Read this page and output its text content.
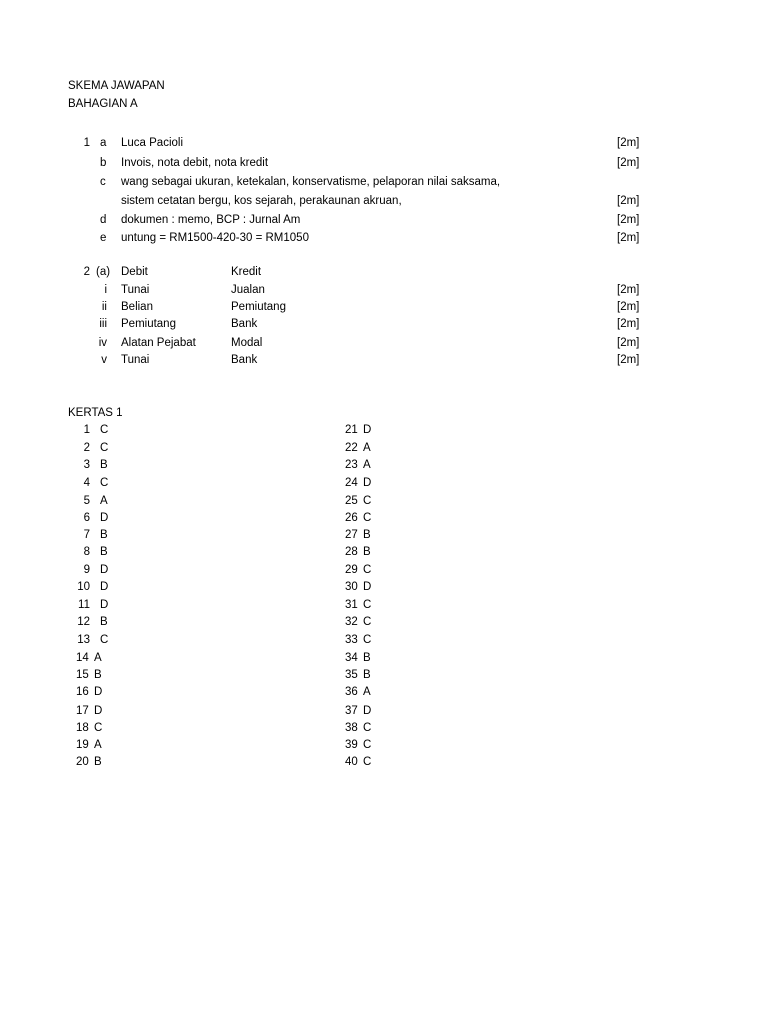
SKEMA JAWAPAN
BAHAGIAN A
1 a Luca Pacioli	[2m]
b Invois, nota debit, nota kredit	[2m]
c wang sebagai ukuran, ketekalan, konservatisme, pelaporan nilai saksama,
sistem cetatan bergu, kos sejarah, perakaunan akruan,	[2m]
d dokumen : memo, BCP : Jurnal Am	[2m]
e untung = RM1500-420-30 = RM1050	[2m]
2 (a) Debit	Kredit
i Tunai	Jualan	[2m]
ii Belian	Pemiutang	[2m]
iii Pemiutang	Bank	[2m]
iv Alatan Pejabat	Modal	[2m]
v Tunai	Bank	[2m]
KERTAS 1
1 C
2 C
3 B
4 C
5 A
6 D
7 B
8 B
9 D
10 D
11 D
12 B
13 C
14 A
15 B
16 D
17 D
18 C
19 A
20 B
21 D
22 A
23 A
24 D
25 C
26 C
27 B
28 B
29 C
30 D
31 C
32 C
33 C
34 B
35 B
36 A
37 D
38 C
39 C
40 C
